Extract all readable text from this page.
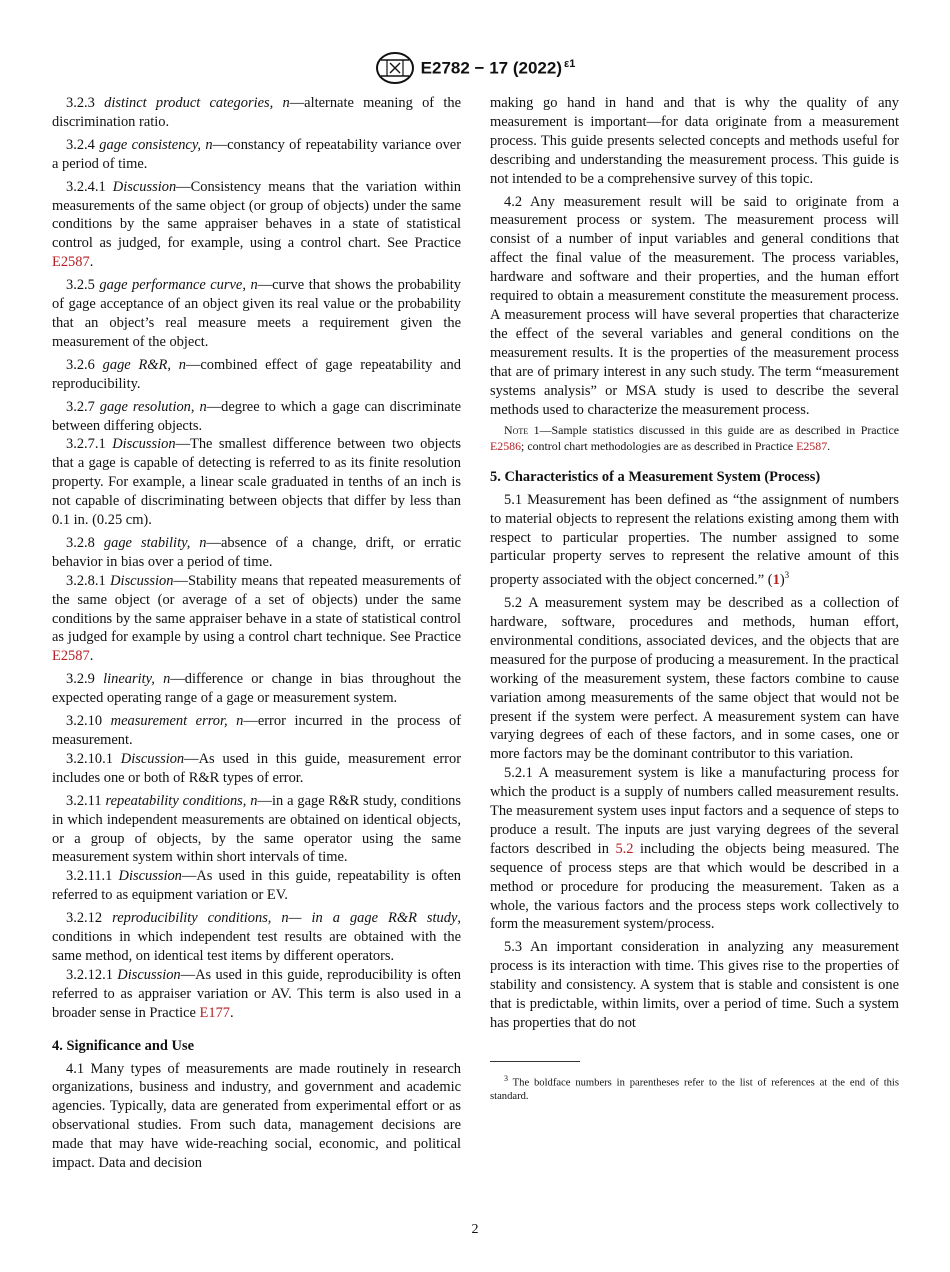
E2782 − 17 (2022) $^{\varepsilon 1}$

3.2.3 distinct product categories, n—alternate meaning of the discrimination ratio.

3.2.4 gage consistency, n—constancy of repeatability variance over a period of time.

3.2.4.1 Discussion—Consistency means that the variation within measurements of the same object (or group of objects) under the same conditions by the same appraiser behaves in a state of statistical control as judged, for example, using a control chart. See Practice E2587.

3.2.5 gage performance curve, n—curve that shows the probability of gage acceptance of an object given its real value or the probability that an object’s real measure meets a requirement given the measurement of the object.

3.2.6 gage R&R, n—combined effect of gage repeatability and reproducibility.

3.2.7 gage resolution, n—degree to which a gage can discriminate between differing objects.

3.2.7.1 Discussion—The smallest difference between two objects that a gage is capable of detecting is referred to as its finite resolution property. For example, a linear scale graduated in tenths of an inch is not capable of discriminating between objects that differ by less than 0.1 in. (0.25 cm).

3.2.8 gage stability, n—absence of a change, drift, or erratic behavior in bias over a period of time.

3.2.8.1 Discussion—Stability means that repeated measurements of the same object (or average of a set of objects) under the same conditions by the same appraiser behave in a state of statistical control as judged for example by using a control chart technique. See Practice E2587.

3.2.9 linearity, n—difference or change in bias throughout the expected operating range of a gage or measurement system.

3.2.10 measurement error, n—error incurred in the process of measurement.

3.2.10.1 Discussion—As used in this guide, measurement error includes one or both of R&R types of error.

3.2.11 repeatability conditions, n—in a gage R&R study, conditions in which independent measurements are obtained on identical objects, or a group of objects, by the same operator using the same measurement system within short intervals of time.

3.2.11.1 Discussion—As used in this guide, repeatability is often referred to as equipment variation or EV.

3.2.12 reproducibility conditions, n— in a gage R&R study, conditions in which independent test results are obtained with the same method, on identical test items by different operators.

3.2.12.1 Discussion—As used in this guide, reproducibility is often referred to as appraiser variation or AV. This term is also used in a broader sense in Practice E177.

4. Significance and Use

4.1 Many types of measurements are made routinely in research organizations, business and industry, and government and academic agencies. Typically, data are generated from experimental effort or as observational studies. From such data, management decisions are made that may have wide-reaching social, economic, and political impact. Data and decision

making go hand in hand and that is why the quality of any measurement is important—for data originate from a measurement process. This guide presents selected concepts and methods useful for describing and understanding the measurement process. This guide is not intended to be a comprehensive survey of this topic.

4.2 Any measurement result will be said to originate from a measurement process or system. The measurement process will consist of a number of input variables and general conditions that affect the final value of the measurement. The process variables, hardware and software and their properties, and the human effort required to obtain a measurement constitute the measurement process. A measurement process will have several properties that characterize the effect of the several variables and general conditions on the measurement results. It is the properties of the measurement process that are of primary interest in any such study. The term “measurement systems analysis” or MSA study is used to describe the several methods used to characterize the measurement process.

Note 1—Sample statistics discussed in this guide are as described in Practice E2586; control chart methodologies are as described in Practice E2587.

5. Characteristics of a Measurement System (Process)

5.1 Measurement has been defined as “the assignment of numbers to material objects to represent the relations existing among them with respect to particular properties. The number assigned to some particular property serves to represent the relative amount of this property associated with the object concerned.” $(1)^3$

5.2 A measurement system may be described as a collection of hardware, software, procedures and methods, human effort, environmental conditions, associated devices, and the objects that are measured for the purpose of producing a measurement. In the practical working of the measurement system, these factors combine to cause variation among measurements of the same object that would not be present if the system were perfect. A measurement system can have varying degrees of each of these factors, and in some cases, one or more factors may be the dominant contributor to this variation.

5.2.1 A measurement system is like a manufacturing process for which the product is a supply of numbers called measurement results. The measurement system uses input factors and a sequence of steps to produce a result. The inputs are just varying degrees of the several factors described in 5.2 including the objects being measured. The sequence of process steps are that which would be described in a method or procedure for producing the measurement. Taken as a whole, the various factors and the process steps work collectively to form the measurement system/process.

5.3 An important consideration in analyzing any measurement process is its interaction with time. This gives rise to the properties of stability and consistency. A system that is stable and consistent is one that is predictable, within limits, over a period of time. Such a system has properties that do not

$^3$ The boldface numbers in parentheses refer to the list of references at the end of this standard.

2
